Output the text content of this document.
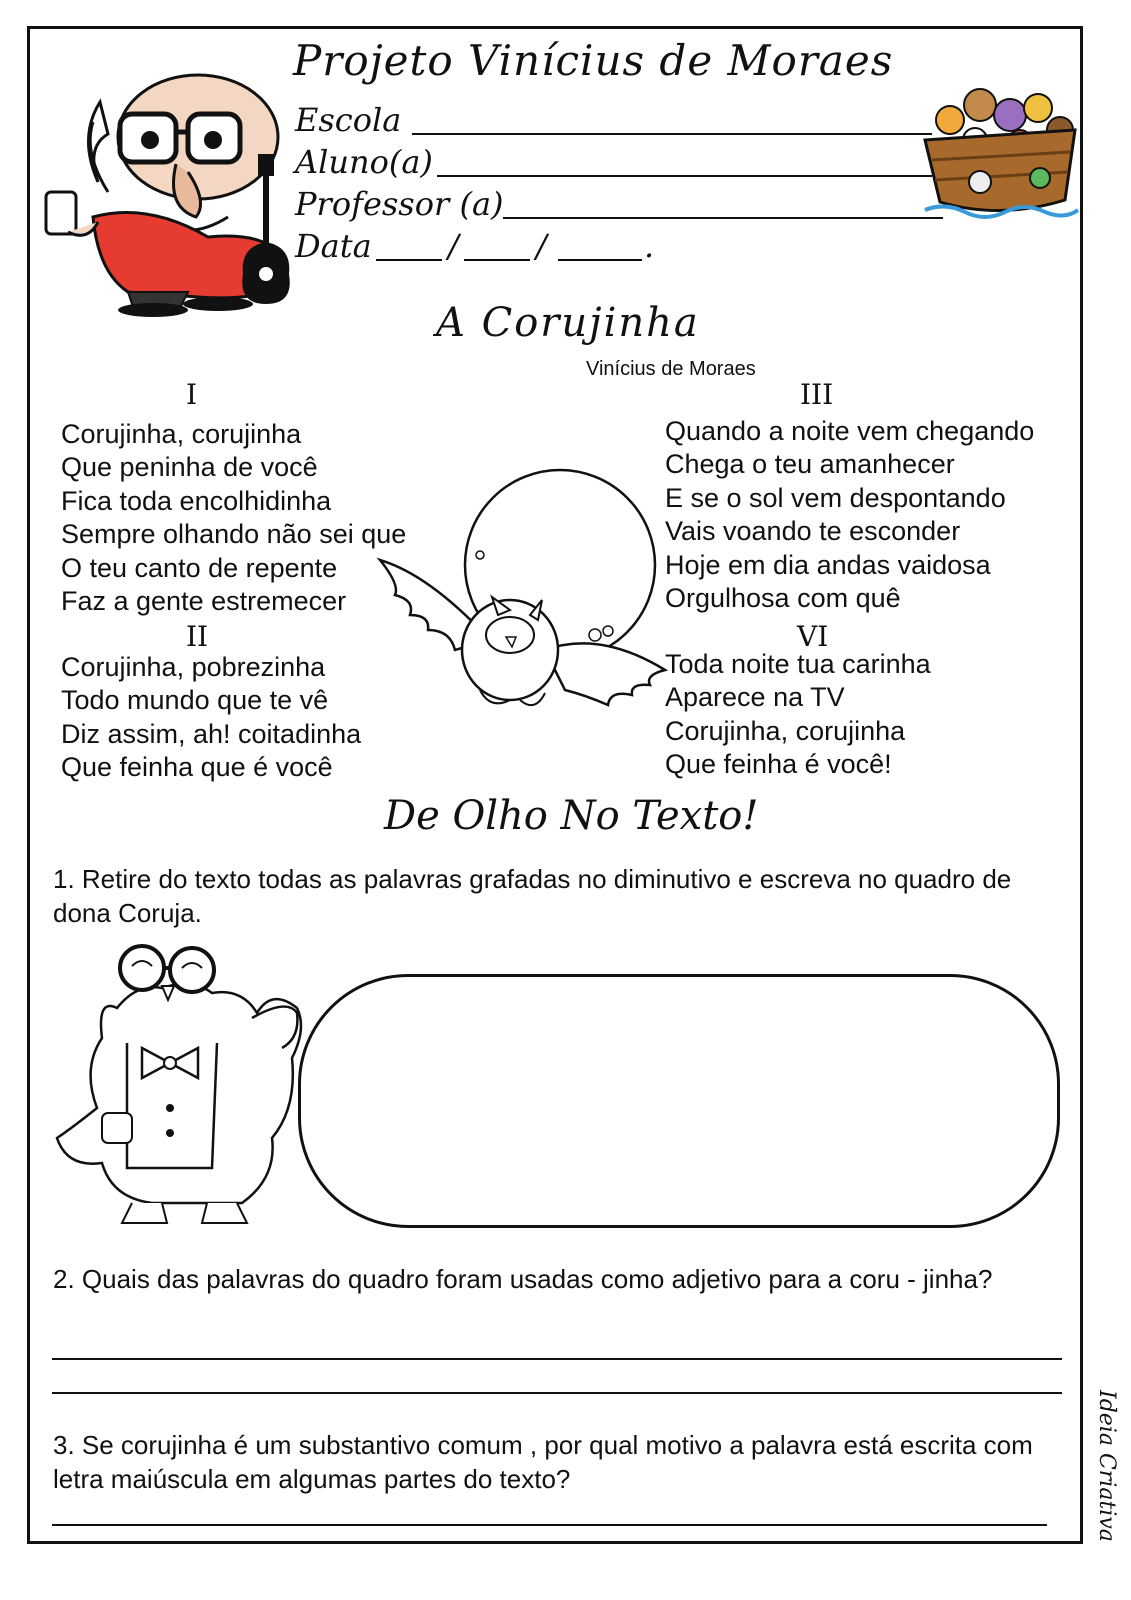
Projeto Vinícius de Moraes
Escola
Aluno(a)
Professor (a)
Data / /	.
A Corujinha
Vinícius de Moraes
I
Corujinha, corujinha
Que peninha de você
Fica toda encolhidinha
Sempre olhando não sei que
O teu canto de repente
Faz a gente estremecer
II
Corujinha, pobrezinha
Todo mundo que te vê
Diz assim, ah! coitadinha
Que feinha que é você
III
Quando a noite vem chegando
Chega o teu amanhecer
E se o sol vem despontando
Vais voando te esconder
Hoje em dia andas vaidosa
Orgulhosa com quê
VI
Toda noite tua carinha
Aparece na TV
Corujinha, corujinha
Que feinha é você!
De Olho No Texto!
1. Retire do texto todas as palavras grafadas no diminutivo e escreva no quadro de dona Coruja.
2. Quais das palavras do quadro foram usadas como adjetivo para a coru - jinha?
3. Se corujinha é um substantivo comum , por qual motivo a palavra está escrita com letra maiúscula em algumas partes do texto?	Ideia Criativa
